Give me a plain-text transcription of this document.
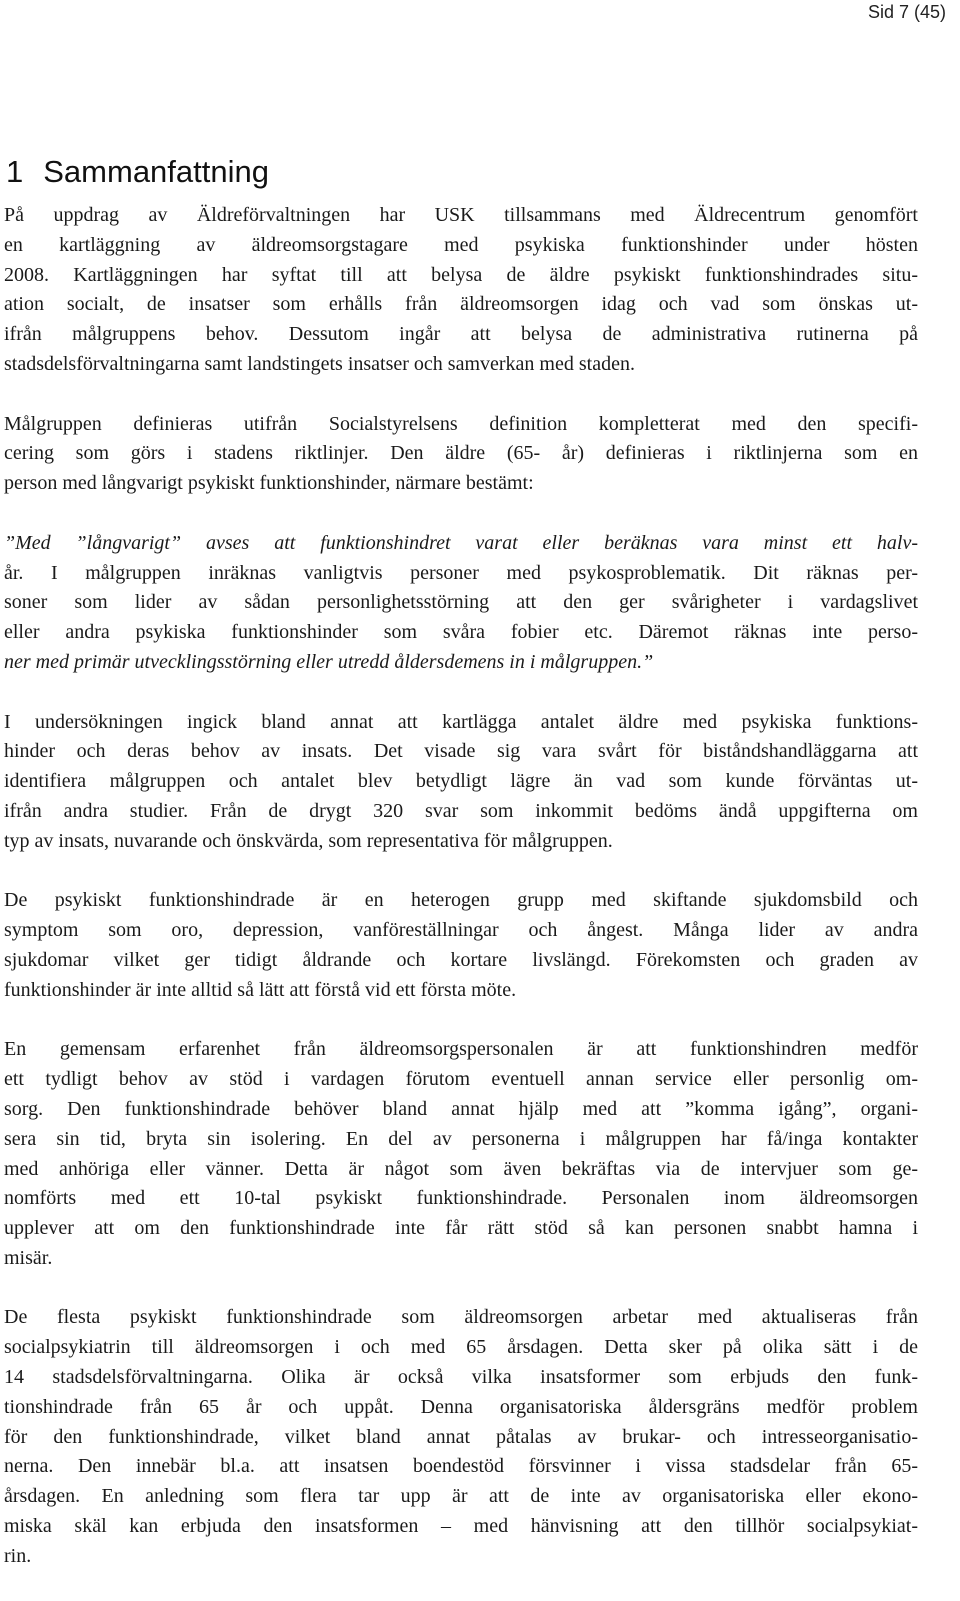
Sid 7 (45)
1 Sammanfattning

På uppdrag av Äldreförvaltningen har USK tillsammans med Äldrecentrum genomfört
en kartläggning av äldreomsorgstagare med psykiska funktionshinder under hösten
2008. Kartläggningen har syftat till att belysa de äldre psykiskt funktionshindrades situ-
ation socialt, de insatser som erhålls från äldreomsorgen idag och vad som önskas ut-
ifrån målgruppens behov. Dessutom ingår att belysa de administrativa rutinerna på
stadsdelsförvaltningarna samt landstingets insatser och samverkan med staden.

Målgruppen definieras utifrån Socialstyrelsens definition kompletterat med den specifi-
cering som görs i stadens riktlinjer. Den äldre (65- år) definieras i riktlinjerna som en
person med långvarigt psykiskt funktionshinder, närmare bestämt:

”Med ”långvarigt” avses att funktionshindret varat eller beräknas vara minst ett halv-
år. I målgruppen inräknas vanligtvis personer med psykosproblematik. Dit räknas per-
soner som lider av sådan personlighetsstörning att den ger svårigheter i vardagslivet
eller andra psykiska funktionshinder som svåra fobier etc. Däremot räknas inte perso-
ner med primär utvecklingsstörning eller utredd åldersdemens in i målgruppen.”

I undersökningen ingick bland annat att kartlägga antalet äldre med psykiska funktions-
hinder och deras behov av insats. Det visade sig vara svårt för biståndshandläggarna att
identifiera målgruppen och antalet blev betydligt lägre än vad som kunde förväntas ut-
ifrån andra studier. Från de drygt 320 svar som inkommit bedöms ändå uppgifterna om
typ av insats, nuvarande och önskvärda, som representativa för målgruppen.

De psykiskt funktionshindrade är en heterogen grupp med skiftande sjukdomsbild och
symptom som oro, depression, vanföreställningar och ångest. Många lider av andra
sjukdomar vilket ger tidigt åldrande och kortare livslängd. Förekomsten och graden av
funktionshinder är inte alltid så lätt att förstå vid ett första möte.

En gemensam erfarenhet från äldreomsorgspersonalen är att funktionshindren medför
ett tydligt behov av stöd i vardagen förutom eventuell annan service eller personlig om-
sorg. Den funktionshindrade behöver bland annat hjälp med att ”komma igång”, organi-
sera sin tid, bryta sin isolering. En del av personerna i målgruppen har få/inga kontakter
med anhöriga eller vänner. Detta är något som även bekräftas via de intervjuer som ge-
nomförts med ett 10-tal psykiskt funktionshindrade. Personalen inom äldreomsorgen
upplever att om den funktionshindrade inte får rätt stöd så kan personen snabbt hamna i
misär.

De flesta psykiskt funktionshindrade som äldreomsorgen arbetar med aktualiseras från
socialpsykiatrin till äldreomsorgen i och med 65 årsdagen. Detta sker på olika sätt i de
14 stadsdelsförvaltningarna. Olika är också vilka insatsformer som erbjuds den funk-
tionshindrade från 65 år och uppåt. Denna organisatoriska åldersgräns medför problem
för den funktionshindrade, vilket bland annat påtalas av brukar- och intresseorganisatio-
nerna. Den innebär bl.a. att insatsen boendestöd försvinner i vissa stadsdelar från 65-
årsdagen. En anledning som flera tar upp är att de inte av organisatoriska eller ekono-
miska skäl kan erbjuda den insatsformen – med hänvisning att den tillhör socialpsykiat-
rin.
